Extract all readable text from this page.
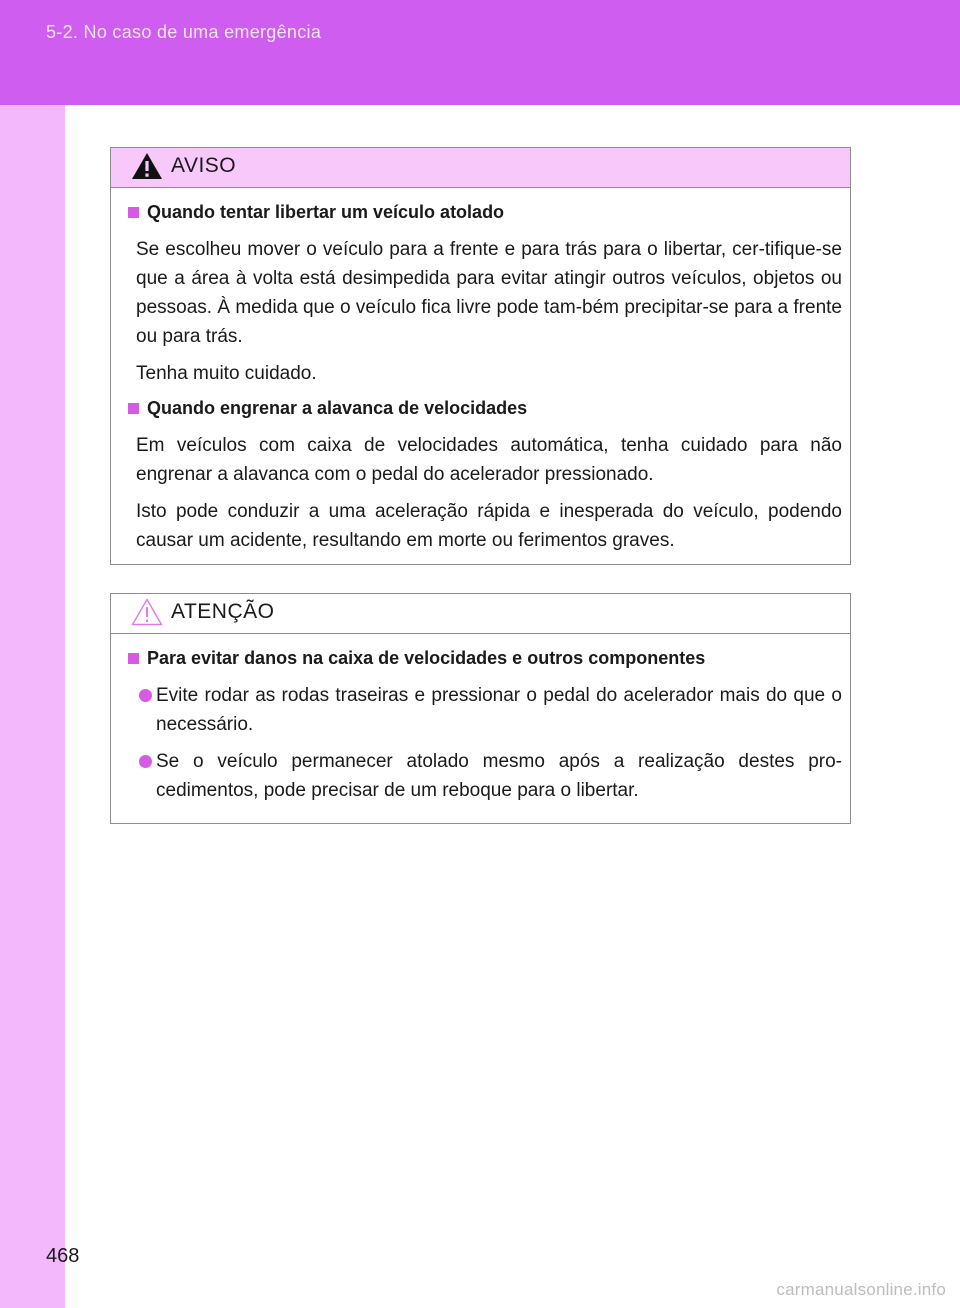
5-2. No caso de uma emergência
AVISO
Quando tentar libertar um veículo atolado

Se escolheu mover o veículo para a frente e para trás para o libertar, cer-tifique-se que a área à volta está desimpedida para evitar atingir outros veículos, objetos ou pessoas. À medida que o veículo fica livre pode tam-bém precipitar-se para a frente ou para trás.

Tenha muito cuidado.

Quando engrenar a alavanca de velocidades

Em veículos com caixa de velocidades automática, tenha cuidado para não engrenar a alavanca com o pedal do acelerador pressionado.

Isto pode conduzir a uma aceleração rápida e inesperada do veículo, podendo causar um acidente, resultando em morte ou ferimentos graves.

ATENÇÃO
Para evitar danos na caixa de velocidades e outros componentes
Evite rodar as rodas traseiras e pressionar o pedal do acelerador mais do que o necessário.
Se o veículo permanecer atolado mesmo após a realização destes pro-cedimentos, pode precisar de um reboque para o libertar.
468
carmanualsonline.info
